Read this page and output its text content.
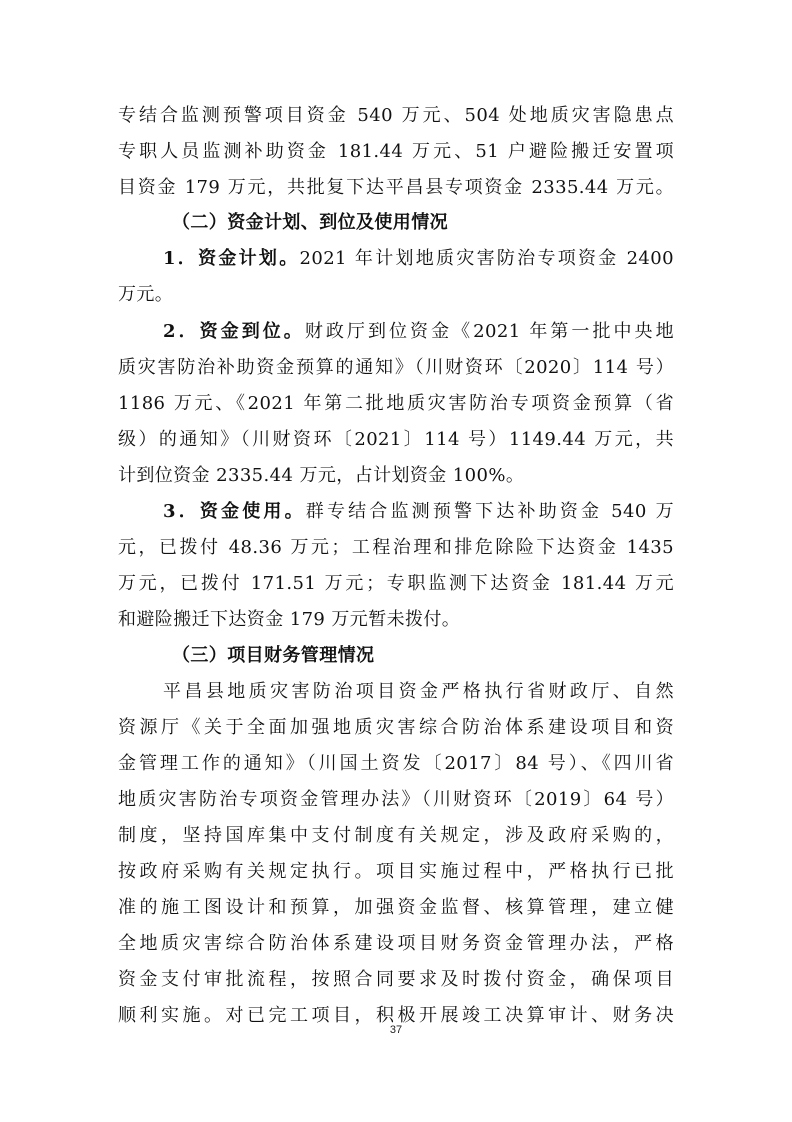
专结合监测预警项目资金 540 万元、504 处地质灾害隐患点
专职人员监测补助资金 181.44 万元、51 户避险搬迁安置项
目资金 179 万元，共批复下达平昌县专项资金 2335.44 万元。
（二）资金计划、到位及使用情况
1．资金计划。2021 年计划地质灾害防治专项资金 2400
万元。
2．资金到位。财政厅到位资金《2021 年第一批中央地
质灾害防治补助资金预算的通知》（川财资环〔2020〕114 号）
1186 万元、《2021 年第二批地质灾害防治专项资金预算（省
级）的通知》（川财资环〔2021〕114 号）1149.44 万元，共
计到位资金 2335.44 万元，占计划资金 100%。
3．资金使用。群专结合监测预警下达补助资金 540 万
元，已拨付 48.36 万元；工程治理和排危除险下达资金 1435
万元，已拨付 171.51 万元；专职监测下达资金 181.44 万元
和避险搬迁下达资金 179 万元暂未拨付。
（三）项目财务管理情况
平昌县地质灾害防治项目资金严格执行省财政厅、自然
资源厅《关于全面加强地质灾害综合防治体系建设项目和资
金管理工作的通知》（川国土资发〔2017〕84 号）、《四川省
地质灾害防治专项资金管理办法》（川财资环〔2019〕64 号）
制度，坚持国库集中支付制度有关规定，涉及政府采购的，
按政府采购有关规定执行。项目实施过程中，严格执行已批
准的施工图设计和预算，加强资金监督、核算管理，建立健
全地质灾害综合防治体系建设项目财务资金管理办法，严格
资金支付审批流程，按照合同要求及时拨付资金，确保项目
顺利实施。对已完工项目，积极开展竣工决算审计、财务决
37
